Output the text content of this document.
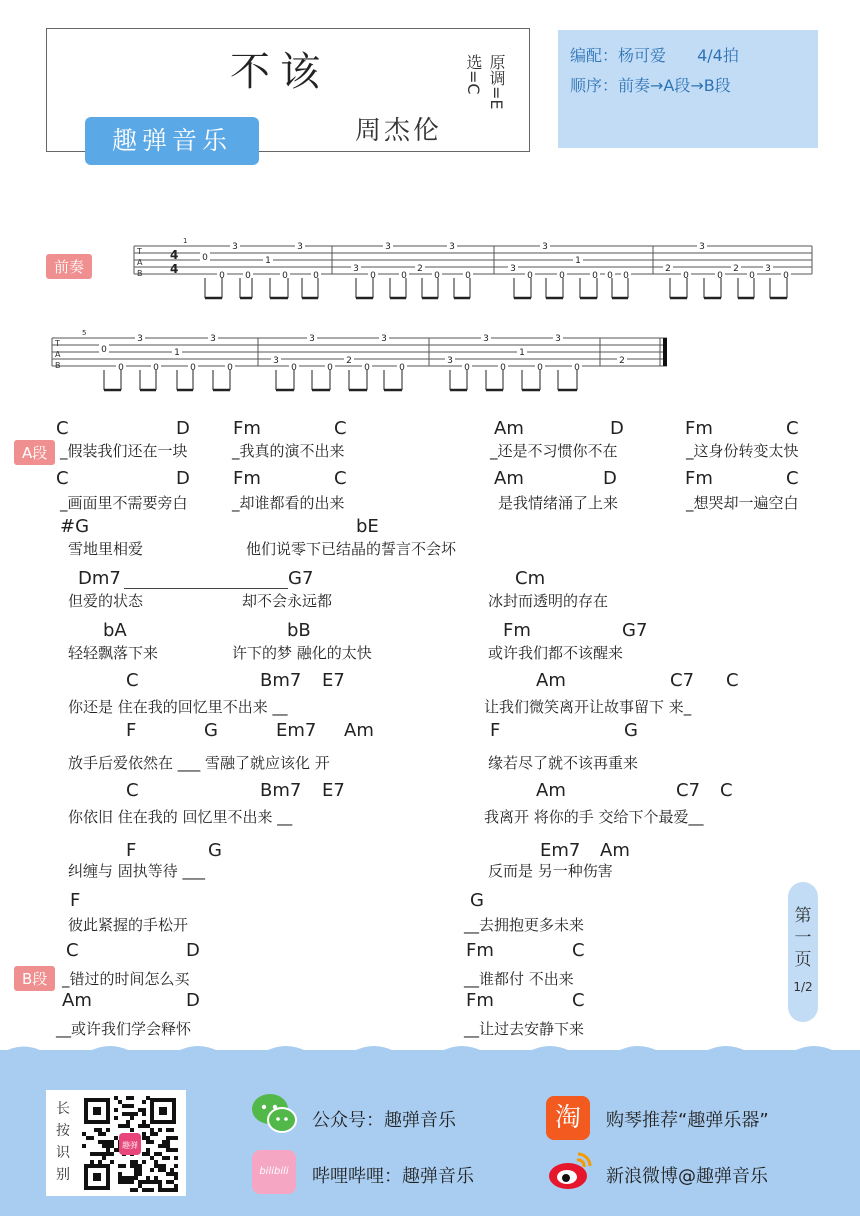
不该
周杰伦
原调=E
选=C
趣弹音乐
编配：杨可爱 4/4拍
顺序：前奏→A段→B段
前奏
T
A
B
1
4
4
0
0
3
0
1
0
3
0
3
0
3
0
2
0
3
0
3
0
3
0
1
0 0 0
2
0
3
0
2
0
3
0
T
A
B
5
0
0
3
0
1
0
3
0
3
0
3
0
2
0
3
0
3
0
3
0
1
0
3
0
2
A段
B段
C	D Fm	C	Am	D	Fm	C
_假装我们还在一块	_我真的演不出来	_还是不习惯你不在	_这身份转变太快
C	D Fm	C	Am	D	Fm	C
_画面里不需要旁白	_却谁都看的出来	是我情绪涌了上来	_想哭却一遍空白
#G	bE
雪地里相爱	他们说零下已结晶的誓言不会坏
Dm7	G7	Cm
但爱的状态	却不会永远都	冰封而透明的存在
bA	bB	Fm	G7
轻轻飘落下来	许下的梦 融化的太快	或许我们都不该醒来
C	Bm7 E7	Am	C7 C
你还是 住在我的回忆里不出来 __	让我们微笑离开让故事留下 来_
F	G	Em7 Am	F	G
放手后爱依然在 ___ 雪融了就应该化 开	缘若尽了就不该再重来
C	Bm7 E7	Am	C7 C
你依旧 住在我的 回忆里不出来 __	我离开 将你的手 交给下个最爱__
F	G	Em7 Am
纠缠与 固执等待 ___	反而是 另一种伤害
F	G
彼此紧握的手松开	__去拥抱更多未来
C	D	Fm	C
_错过的时间怎么买	__谁都付 不出来
Am	D	Fm	C
__或许我们学会释怀	__让过去安静下来
第一页
1/2
长
按
识
别
趣弹
公众号：趣弹音乐	淘	购琴推荐“趣弹乐器”
bilibili	哔哩哔哩：趣弹音乐	新浪微博@趣弹音乐
